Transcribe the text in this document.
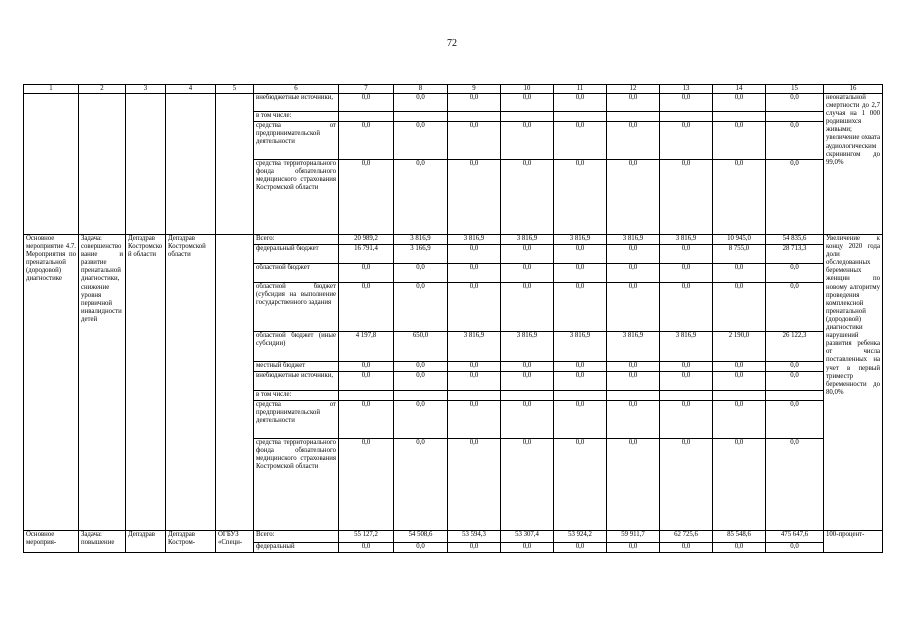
72
1	2	3	4	5	6	7	8	9	10	11	12	13	14	15	16
					внебюджетные источники,	0,0	0,0	0,0	0,0	0,0	0,0	0,0	0,0	0,0	неонатальной смертности до 2,7 случая на 1 000 родившихся живыми; увеличение охвата аудиологическим скринингом до 99,0%
					в том числе:										
					средства от предпринимательской деятельности	0,0	0,0	0,0	0,0	0,0	0,0	0,0	0,0	0,0	
					средства территориального фонда обязательного медицинского страхования Костромской области	0,0	0,0	0,0	0,0	0,0	0,0	0,0	0,0	0,0	
Основное мероприятие 4.7. Мероприятия по пренатальной (дородовой) диагностике	Задача: совершенствование и развитие пренатальной диагностики, снижение уровня первичной инвалидности детей	Депздрав Костромской области	Депздрав Костромской области		Всего:	20 989,2	3 816,9	3 816,9	3 816,9	3 816,9	3 816,9	3 816,9	10 945,0	54 835,6	Увеличение к концу 2020 года доли обследованных беременных женщин по новому алгоритму проведения комплексной пренатальной (дородовой) диагностики нарушений развития ребенка от числа поставленных на учет в первый триместр беременности до 80,0%
					федеральный бюджет	16 791,4	3 166,9	0,0	0,0	0,0	0,0	0,0	8 755,0	28 713,3	
					областной бюджет	0,0	0,0	0,0	0,0	0,0	0,0	0,0	0,0	0,0	
					областной бюджет (субсидия на выполнение государственного задания	0,0	0,0	0,0	0,0	0,0	0,0	0,0	0,0	0,0	
					областной бюджет (иные субсидии)	4 197,8	650,0	3 816,9	3 816,9	3 816,9	3 816,9	3 816,9	2 190,0	26 122,3	
					местный бюджет	0,0	0,0	0,0	0,0	0,0	0,0	0,0	0,0	0,0	
					внебюджетные источники,	0,0	0,0	0,0	0,0	0,0	0,0	0,0	0,0	0,0	
					в том числе:										
					средства от предпринимательской деятельности	0,0	0,0	0,0	0,0	0,0	0,0	0,0	0,0	0,0	
					средства территориального фонда обязательного медицинского страхования Костромской области	0,0	0,0	0,0	0,0	0,0	0,0	0,0	0,0	0,0	
Основное мероприя-	Задача: повышение	Депздрав	Депздрав Костром-	ОГБУЗ «Специ-	Всего:	55 127,2	54 508,6	53 594,3	53 307,4	53 924,2	59 911,7	62 725,6	85 548,6	475 647,6	100-процент-
					федеральный	0,0	0,0	0,0	0,0	0,0	0,0	0,0	0,0	0,0	
